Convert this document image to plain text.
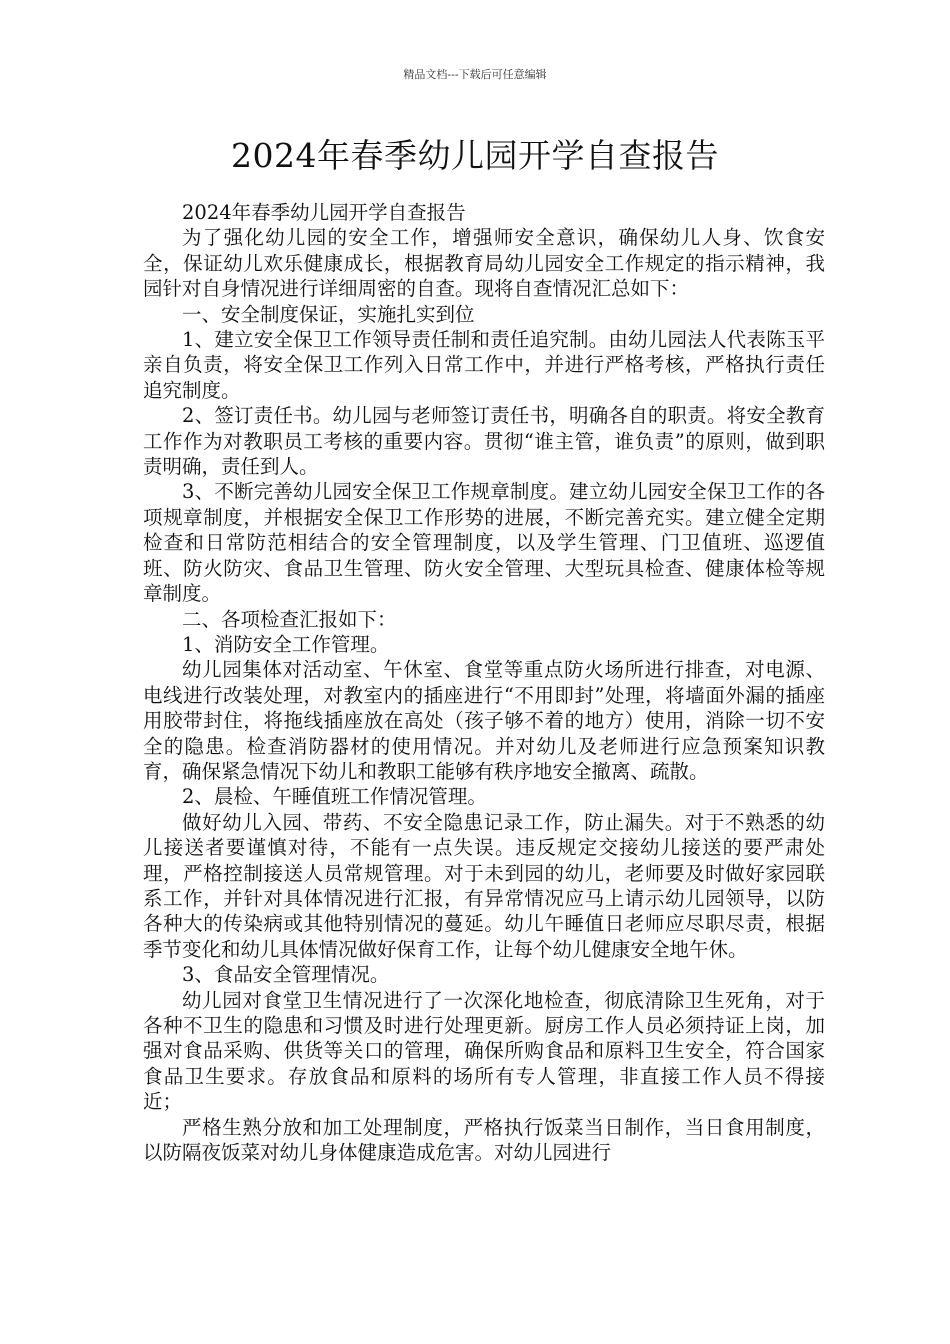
精品文档---下载后可任意编辑
2024年春季幼儿园开学自查报告

2024年春季幼儿园开学自查报告

为了强化幼儿园的安全工作，增强师安全意识，确保幼儿人身、饮食安全，保证幼儿欢乐健康成长，根据教育局幼儿园安全工作规定的指示精神，我园针对自身情况进行详细周密的自查。现将自查情况汇总如下：

一、安全制度保证，实施扎实到位

1、建立安全保卫工作领导责任制和责任追究制。由幼儿园法人代表陈玉平亲自负责，将安全保卫工作列入日常工作中，并进行严格考核，严格执行责任追究制度。

2、签订责任书。幼儿园与老师签订责任书，明确各自的职责。将安全教育工作作为对教职员工考核的重要内容。贯彻“谁主管，谁负责”的原则，做到职责明确，责任到人。

3、不断完善幼儿园安全保卫工作规章制度。建立幼儿园安全保卫工作的各项规章制度，并根据安全保卫工作形势的进展，不断完善充实。建立健全定期检查和日常防范相结合的安全管理制度，以及学生管理、门卫值班、巡逻值班、防火防灾、食品卫生管理、防火安全管理、大型玩具检查、健康体检等规章制度。

二、各项检查汇报如下：

1、消防安全工作管理。

幼儿园集体对活动室、午休室、食堂等重点防火场所进行排查，对电源、电线进行改装处理，对教室内的插座进行“不用即封”处理，将墙面外漏的插座用胶带封住，将拖线插座放在高处（孩子够不着的地方）使用，消除一切不安全的隐患。检查消防器材的使用情况。并对幼儿及老师进行应急预案知识教育，确保紧急情况下幼儿和教职工能够有秩序地安全撤离、疏散。

2、晨检、午睡值班工作情况管理。

做好幼儿入园、带药、不安全隐患记录工作，防止漏失。对于不熟悉的幼儿接送者要谨慎对待，不能有一点失误。违反规定交接幼儿接送的要严肃处理，严格控制接送人员常规管理。对于未到园的幼儿，老师要及时做好家园联系工作，并针对具体情况进行汇报，有异常情况应马上请示幼儿园领导，以防各种大的传染病或其他特别情况的蔓延。幼儿午睡值日老师应尽职尽责，根据季节变化和幼儿具体情况做好保育工作，让每个幼儿健康安全地午休。

3、食品安全管理情况。

幼儿园对食堂卫生情况进行了一次深化地检查，彻底清除卫生死角，对于各种不卫生的隐患和习惯及时进行处理更新。厨房工作人员必须持证上岗，加强对食品采购、供货等关口的管理，确保所购食品和原料卫生安全，符合国家食品卫生要求。存放食品和原料的场所有专人管理，非直接工作人员不得接近；

严格生熟分放和加工处理制度，严格执行饭菜当日制作，当日食用制度，以防隔夜饭菜对幼儿身体健康造成危害。对幼儿园进行
